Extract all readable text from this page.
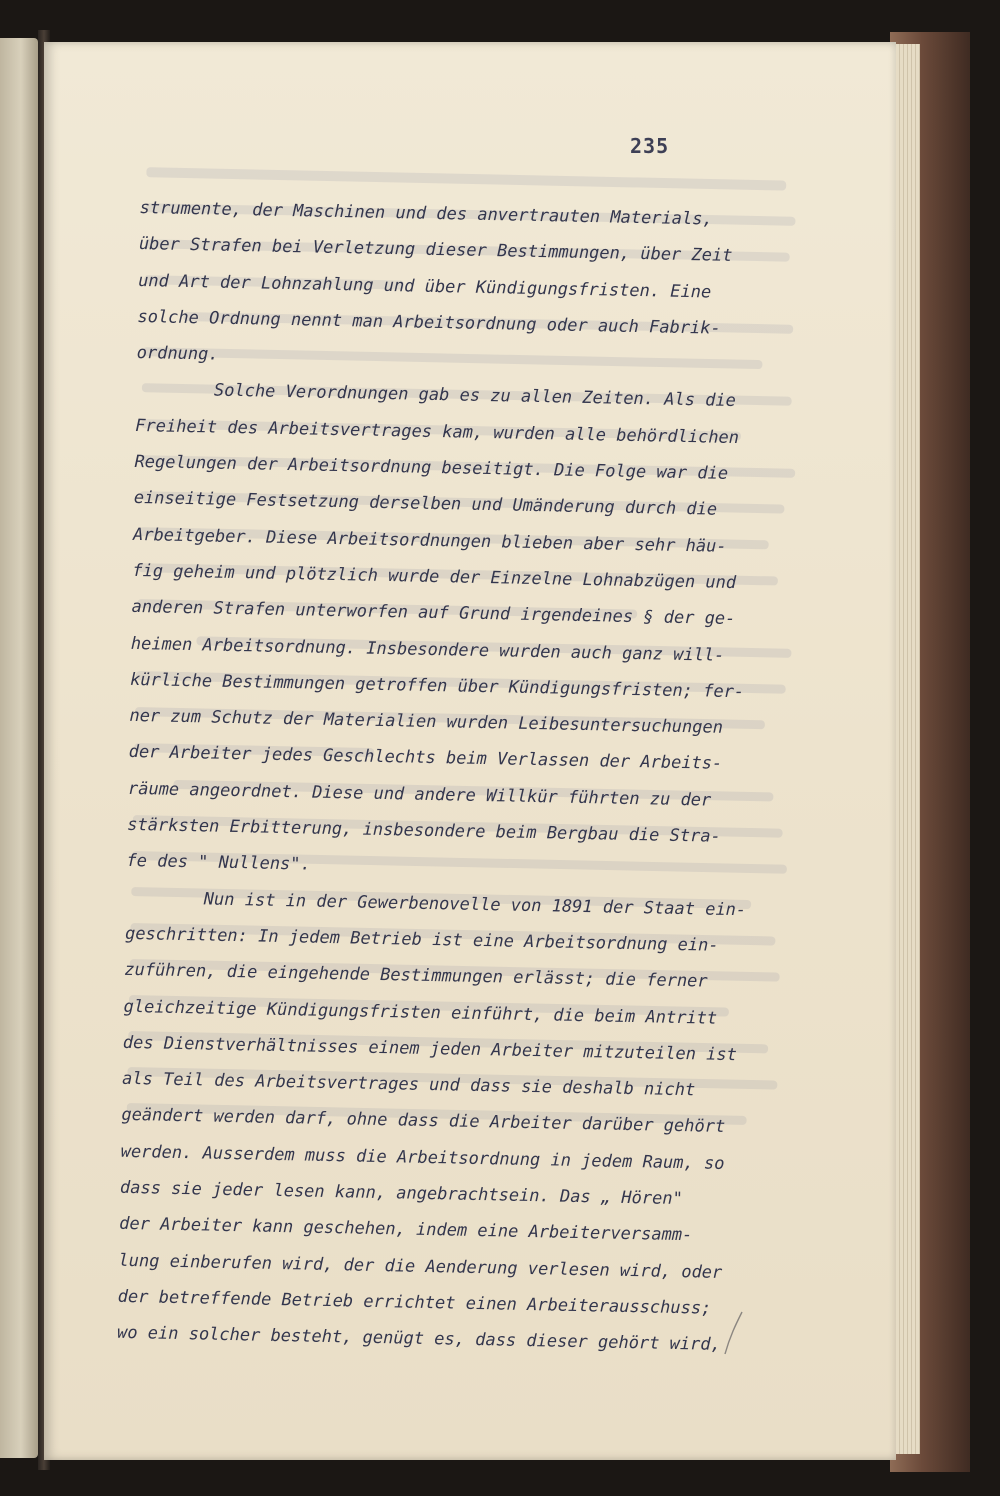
235
strumente, der Maschinen und des anvertrauten Materials,
über Strafen bei Verletzung dieser Bestimmungen, über Zeit
und Art der Lohnzahlung und über Kündigungsfristen. Eine
solche Ordnung nennt man Arbeitsordnung oder auch Fabrik-
ordnung.
Solche Verordnungen gab es zu allen Zeiten. Als die
Freiheit des Arbeitsvertrages kam, wurden alle behördlichen
Regelungen der Arbeitsordnung beseitigt. Die Folge war die
einseitige Festsetzung derselben und Umänderung durch die
Arbeitgeber. Diese Arbeitsordnungen blieben aber sehr häu-
fig geheim und plötzlich wurde der Einzelne Lohnabzügen und
anderen Strafen unterworfen auf Grund irgendeines § der ge-
heimen Arbeitsordnung. Insbesondere wurden auch ganz will-
kürliche Bestimmungen getroffen über Kündigungsfristen; fer-
ner zum Schutz der Materialien wurden Leibesuntersuchungen
der Arbeiter jedes Geschlechts beim Verlassen der Arbeits-
räume angeordnet. Diese und andere Willkür führten zu der
stärksten Erbitterung, insbesondere beim Bergbau die Stra-
fe des " Nullens".
Nun ist in der Gewerbenovelle von 1891 der Staat ein-
geschritten: In jedem Betrieb ist eine Arbeitsordnung ein-
zuführen, die eingehende Bestimmungen erlässt; die ferner
gleichzeitige Kündigungsfristen einführt, die beim Antritt
des Dienstverhältnisses einem jeden Arbeiter mitzuteilen ist
als Teil des Arbeitsvertrages und dass sie deshalb nicht
geändert werden darf, ohne dass die Arbeiter darüber gehört
werden. Ausserdem muss die Arbeitsordnung in jedem Raum, so
dass sie jeder lesen kann, angebrachtsein. Das „ Hören"
der Arbeiter kann geschehen, indem eine Arbeiterversamm-
lung einberufen wird, der die Aenderung verlesen wird, oder
der betreffende Betrieb errichtet einen Arbeiterausschuss;
wo ein solcher besteht, genügt es, dass dieser gehört wird,
